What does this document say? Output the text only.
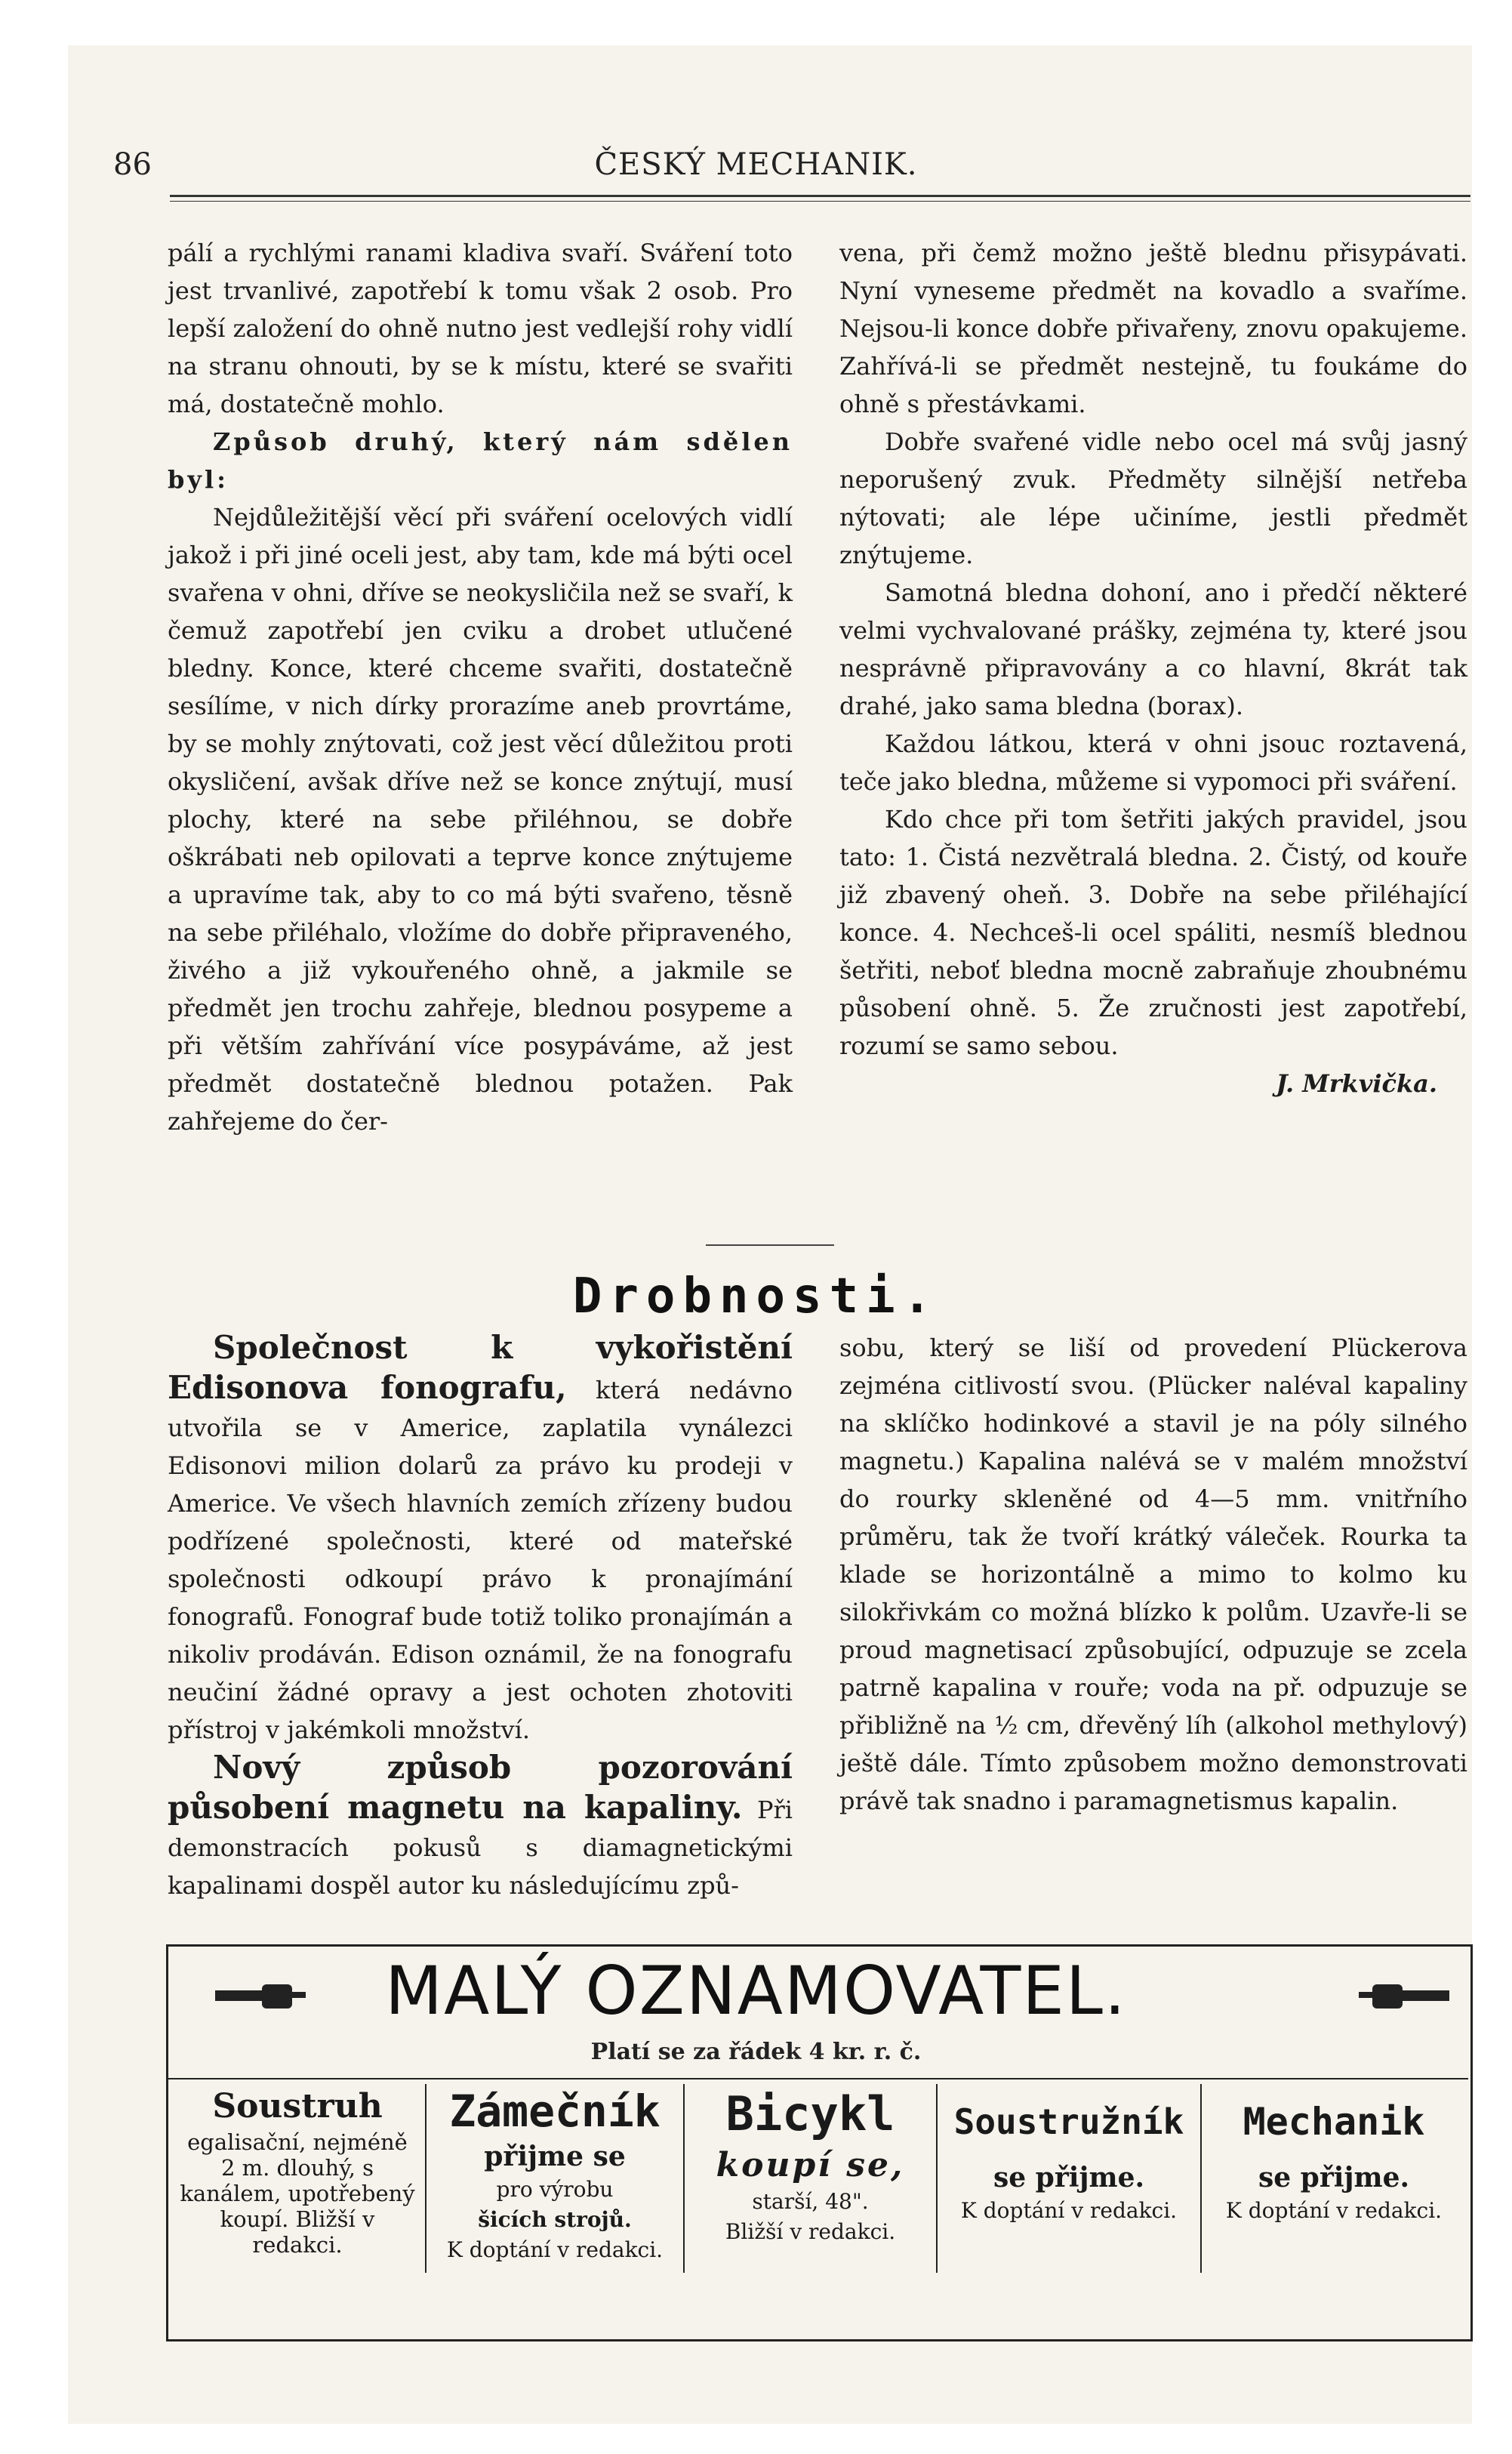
86	ČESKÝ MECHANIK.

pálí a rychlými ranami kladiva svaří. Sváření toto jest trvanlivé, zapotřebí k tomu však 2 osob. Pro lepší založení do ohně nutno jest vedlejší rohy vidlí na stranu ohnouti, by se k místu, které se svařiti má, dostatečně mohlo.

Způsob druhý, který nám sdělen byl:

Nejdůležitější věcí při sváření ocelových vidlí jakož i při jiné oceli jest, aby tam, kde má býti ocel svařena v ohni, dříve se neokysličila než se svaří, k čemuž zapotřebí jen cviku a drobet utlučené bledny. Konce, které chceme svařiti, dostatečně sesílíme, v nich dírky prorazíme aneb provrtáme, by se mohly znýtovati, což jest věcí důležitou proti okysličení, avšak dříve než se konce znýtují, musí plochy, které na sebe přiléhnou, se dobře oškrábati neb opilovati a teprve konce znýtujeme a upravíme tak, aby to co má býti svařeno, těsně na sebe přiléhalo, vložíme do dobře připraveného, živého a již vykouřeného ohně, a jakmile se předmět jen trochu zahřeje, blednou posypeme a při větším zahřívání více posypáváme, až jest předmět dostatečně blednou potažen. Pak zahřejeme do čer-

vena, při čemž možno ještě blednu přisypávati. Nyní vyneseme předmět na kovadlo a svaříme. Nejsou-li konce dobře přivařeny, znovu opakujeme. Zahřívá-li se předmět nestejně, tu foukáme do ohně s přestávkami.

Dobře svařené vidle nebo ocel má svůj jasný neporušený zvuk. Předměty silnější netřeba nýtovati; ale lépe učiníme, jestli předmět znýtujeme.

Samotná bledna dohoní, ano i předčí některé velmi vychvalované prášky, zejména ty, které jsou nesprávně připravovány a co hlavní, 8krát tak drahé, jako sama bledna (borax).

Každou látkou, která v ohni jsouc roztavená, teče jako bledna, můžeme si vypomoci při sváření.

Kdo chce při tom šetřiti jakých pravidel, jsou tato: 1. Čistá nezvětralá bledna. 2. Čistý, od kouře již zbavený oheň. 3. Dobře na sebe přiléhající konce. 4. Nechceš-li ocel spáliti, nesmíš blednou šetřiti, neboť bledna mocně zabraňuje zhoubnému působení ohně. 5. Že zručnosti jest zapotřebí, rozumí se samo sebou.

J. Mrkvička.

Drobnosti.

Společnost k vykořistění Edisonova fonografu, která nedávno utvořila se v Americe, zaplatila vynálezci Edisonovi milion dolarů za právo ku prodeji v Americe. Ve všech hlavních zemích zřízeny budou podřízené společnosti, které od mateřské společnosti odkoupí právo k pronajímání fonografů. Fonograf bude totiž toliko pronajímán a nikoliv prodáván. Edison oznámil, že na fonografu neučiní žádné opravy a jest ochoten zhotoviti přístroj v jakémkoli množství.

Nový způsob pozorování působení magnetu na kapaliny. Při demonstracích pokusů s diamagnetickými kapalinami dospěl autor ku následujícímu způ-

sobu, který se liší od provedení Plückerova zejména citlivostí svou. (Plücker naléval kapaliny na sklíčko hodinkové a stavil je na póly silného magnetu.) Kapalina nalévá se v malém množství do rourky skleněné od 4—5 mm. vnitřního průměru, tak že tvoří krátký váleček. Rourka ta klade se horizontálně a mimo to kolmo ku silokřivkám co možná blízko k polům. Uzavře-li se proud magnetisací způsobující, odpuzuje se zcela patrně kapalina v rouře; voda na př. odpuzuje se přibližně na ½ cm, dřevěný líh (alkohol methylový) ještě dále. Tímto způsobem možno demonstrovati právě tak snadno i paramagnetismus kapalin.

MALÝ OZNAMOVATEL.
Platí se za řádek 4 kr. r. č.
Soustruh
egalisační, nejméně 2 m. dlouhý, s kanálem, upotřebený koupí. Bližší v redakci.
Zámečník
přijme se
pro výrobu
šicích strojů.
K doptání v redakci.
Bicykl
koupí se,
starší, 48".
Bližší v redakci.
Soustružník
se přijme.
K doptání v redakci.
Mechanik
se přijme.
K doptání v redakci.
